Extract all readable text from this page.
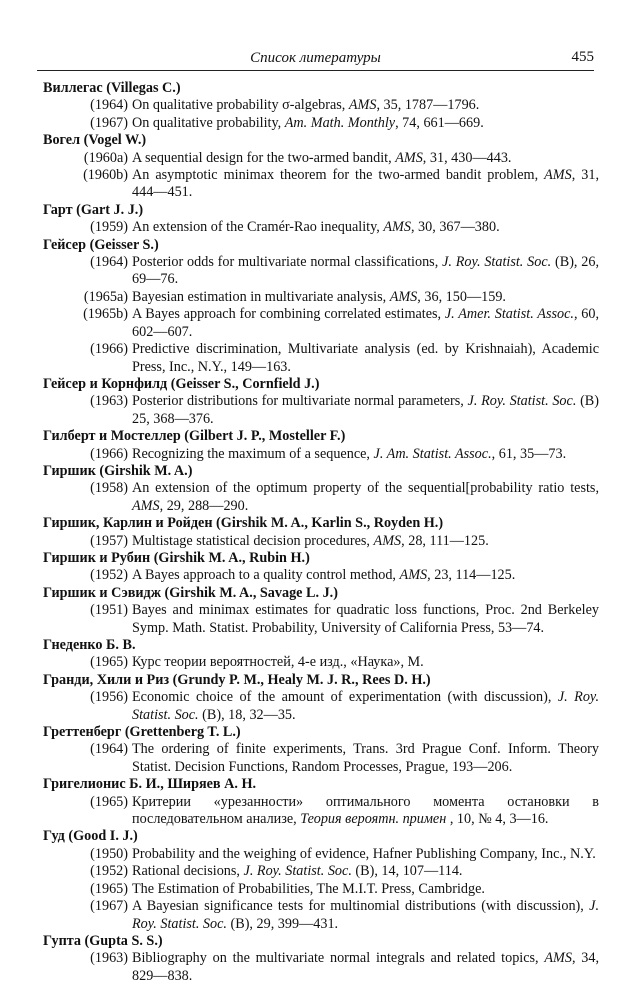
Список литературы	455
Виллегас (Villegas C.)
(1964) On qualitative probability σ-algebras, AMS, 35, 1787—1796.
(1967) On qualitative probability, Am. Math. Monthly, 74, 661—669.
Вогел (Vogel W.)
(1960a) A sequential design for the two-armed bandit, AMS, 31, 430—443.
(1960b) An asymptotic minimax theorem for the two-armed bandit problem, AMS, 31, 444—451.
Гарт (Gart J. J.)
(1959) An extension of the Cramér-Rao inequality, AMS, 30, 367—380.
Гейсер (Geisser S.)
(1964) Posterior odds for multivariate normal classifications, J. Roy. Statist. Soc. (B), 26, 69—76.
(1965a) Bayesian estimation in multivariate analysis, AMS, 36, 150—159.
(1965b) A Bayes approach for combining correlated estimates, J. Amer. Statist. Assoc., 60, 602—607.
(1966) Predictive discrimination, Multivariate analysis (ed. by Krishnaiah), Academic Press, Inc., N.Y., 149—163.
Гейсер и Корнфилд (Geisser S., Cornfield J.)
(1963) Posterior distributions for multivariate normal parameters, J. Roy. Statist. Soc. (B) 25, 368—376.
Гилберт и Мостеллер (Gilbert J. P., Mosteller F.)
(1966) Recognizing the maximum of a sequence, J. Am. Statist. Assoc., 61, 35—73.
Гиршик (Girshik M. A.)
(1958) An extension of the optimum property of the sequential[probability ratio tests, AMS, 29, 288—290.
Гиршик, Карлин и Ройден (Girshik M. A., Karlin S., Royden H.)
(1957) Multistage statistical decision procedures, AMS, 28, 111—125.
Гиршик и Рубин (Girshik M. A., Rubin H.)
(1952) A Bayes approach to a quality control method, AMS, 23, 114—125.
Гиршик и Сэвидж (Girshik M. A., Savage L. J.)
(1951) Bayes and minimax estimates for quadratic loss functions, Proc. 2nd Berkeley Symp. Math. Statist. Probability, University of California Press, 53—74.
Гнеденко Б. В.
(1965) Курс теории вероятностей, 4-е изд., «Наука», М.
Гранди, Хили и Риз (Grundy P. M., Healy M. J. R., Rees D. H.)
(1956) Economic choice of the amount of experimentation (with discussion), J. Roy. Statist. Soc. (B), 18, 32—35.
Греттенберг (Grettenberg T. L.)
(1964) The ordering of finite experiments, Trans. 3rd Prague Conf. Inform. Theory Statist. Decision Functions, Random Processes, Prague, 193—206.
Григелионис Б. И., Ширяев А. Н.
(1965) Критерии «урезанности» оптимального момента остановки в последовательном анализе, Теория вероятн. примен , 10, № 4, 3—16.
Гуд (Good I. J.)
(1950) Probability and the weighing of evidence, Hafner Publishing Company, Inc., N.Y.
(1952) Rational decisions, J. Roy. Statist. Soc. (B), 14, 107—114.
(1965) The Estimation of Probabilities, The M.I.T. Press, Cambridge.
(1967) A Bayesian significance tests for multinomial distributions (with discussion), J. Roy. Statist. Soc. (B), 29, 399—431.
Гупта (Gupta S. S.)
(1963) Bibliography on the multivariate normal integrals and related topics, AMS, 34, 829—838.
